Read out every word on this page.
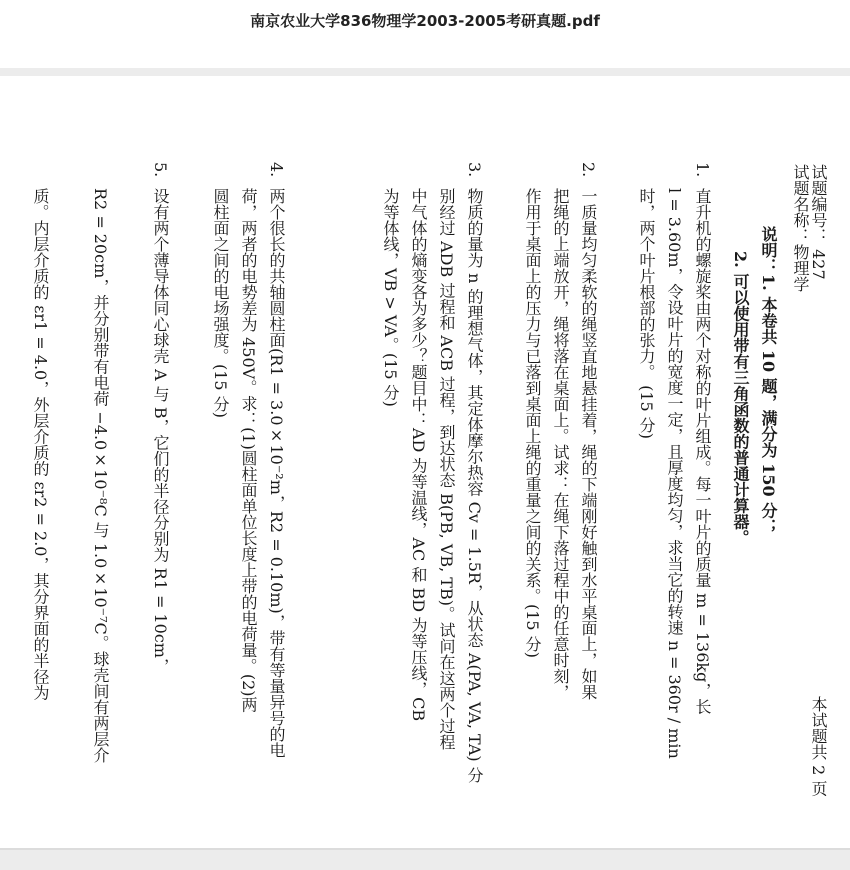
南京农业大学836物理学2003-2005考研真题.pdf
试题编号： 427
试题名称：物理学
本试题共 2 页
说明：1. 本卷共 10 题，满分为 150 分；
2. 可以使用带有三角函数的普通计算器。
1.
直升机的螺旋桨由两个对称的叶片组成。每一叶片的质量 m = 136kg，长
l = 3.60m，令设叶片的宽度一定，且厚度均匀，求当它的转速 n = 360r / min
时，两个叶片根部的张力。 (15 分)
2.
一质量均匀柔软的绳竖直地悬挂着，绳的下端刚好触到水平桌面上，如果
把绳的上端放开，绳将落在桌面上。试求：在绳下落过程中的任意时刻，
作用于桌面上的压力与已落到桌面上绳的重量之间的关系。(15 分)
3.
物质的量为 n 的理想气体，其定体摩尔热容 Cv = 1.5R，从状态 A(PA, VA, TA) 分
别经过 ADB 过程和 ACB 过程，到达状态 B(PB, VB, TB)。试问在这两个过程
中气体的熵变各为多少？题目中：AD 为等温线，AC 和 BD 为等压线，CB
为等体线，VB > VA。(15 分)
4.
两个很长的共轴圆柱面(R1 = 3.0×10⁻²m，R2 = 0.10m)，带有等量异号的电
荷，两者的电势差为 450V。求：(1)圆柱面单位长度上带的电荷量。(2)两
圆柱面之间的电场强度。(15 分)
5.
设有两个薄导体同心球壳 A 与 B，它们的半径分别为 R1 = 10cm，
R2 = 20cm，并分别带有电荷 −4.0×10⁻⁸C 与 1.0×10⁻⁷C。球壳间有两层介
质。内层介质的 εr1 = 4.0，外层介质的 εr2 = 2.0，其分界面的半径为
